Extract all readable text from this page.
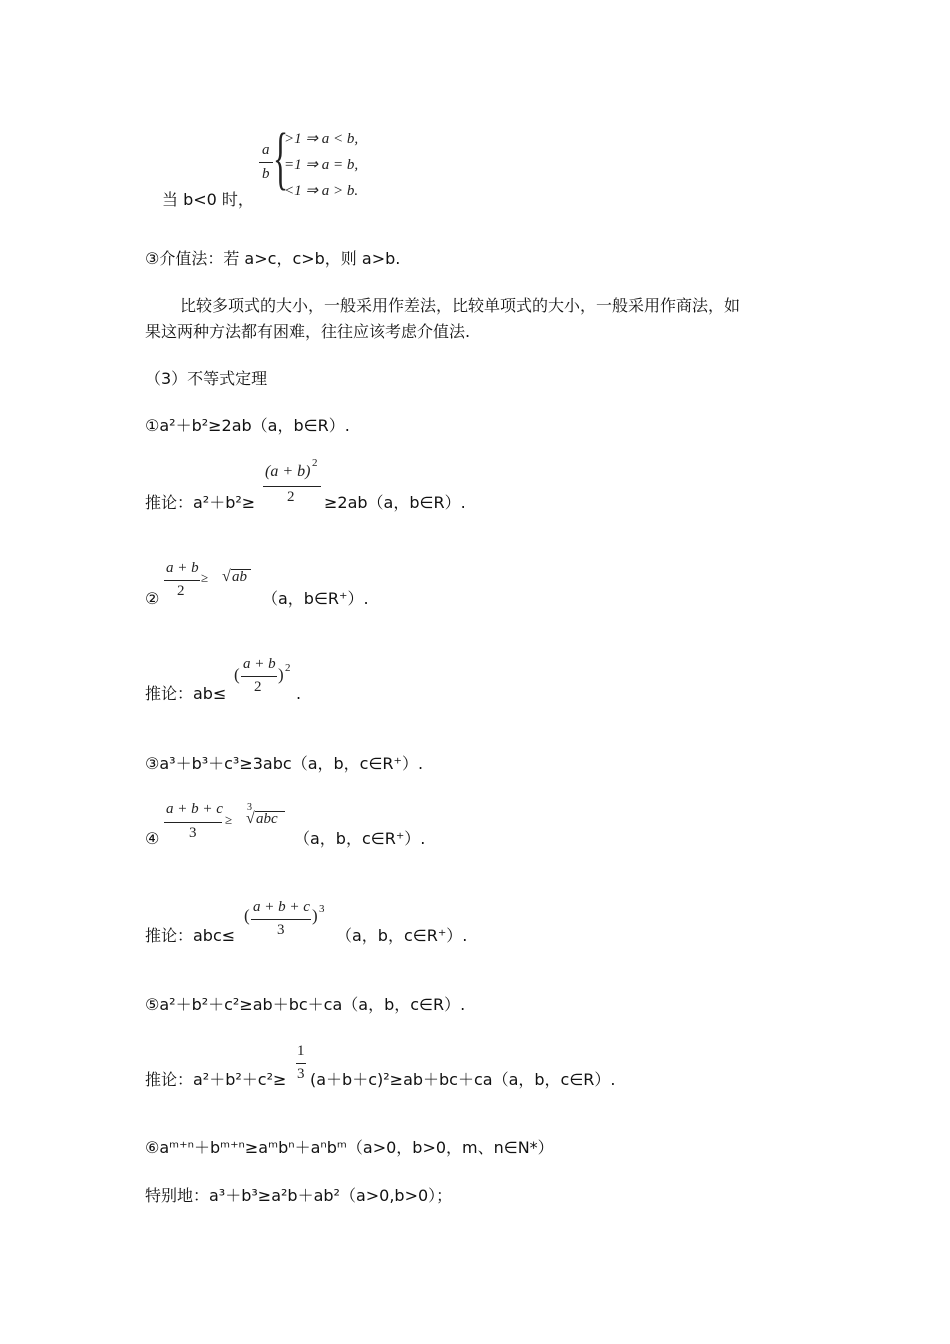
a
b {
>1 ⇒ a < b,
=1 ⇒ a = b,
<1 ⇒ a > b.
当 b<0 时，
③介值法：若 a>c，c>b，则 a>b.
比较多项式的大小，一般采用作差法，比较单项式的大小，一般采用作商法，如
果这两种方法都有困难，往往应该考虑介值法.
（3）不等式定理
①a²＋b²≥2ab（a，b∈R）.
推论：a²＋b²≥
(a + b) 2
2 ≥2ab（a，b∈R）.
②
a + b
2
≥ √ ab
（a，b∈R⁺）.
推论：ab≤
(
a + b
2
) 2
.
③a³＋b³＋c³≥3abc（a，b，c∈R⁺）.
④
a + b + c
3
≥
3
√ abc
（a，b，c∈R⁺）.
推论：abc≤
( a + b + c
3
) 3
（a，b，c∈R⁺）.
⑤a²＋b²＋c²≥ab＋bc＋ca（a，b，c∈R）.
推论：a²＋b²＋c²≥
1
3 (a＋b＋c)²≥ab＋bc＋ca（a，b，c∈R）.
⑥aᵐ⁺ⁿ＋bᵐ⁺ⁿ≥aᵐbⁿ＋aⁿbᵐ（a>0，b>0，m、n∈N*）
特别地：a³＋b³≥a²b＋ab²（a>0,b>0）；
